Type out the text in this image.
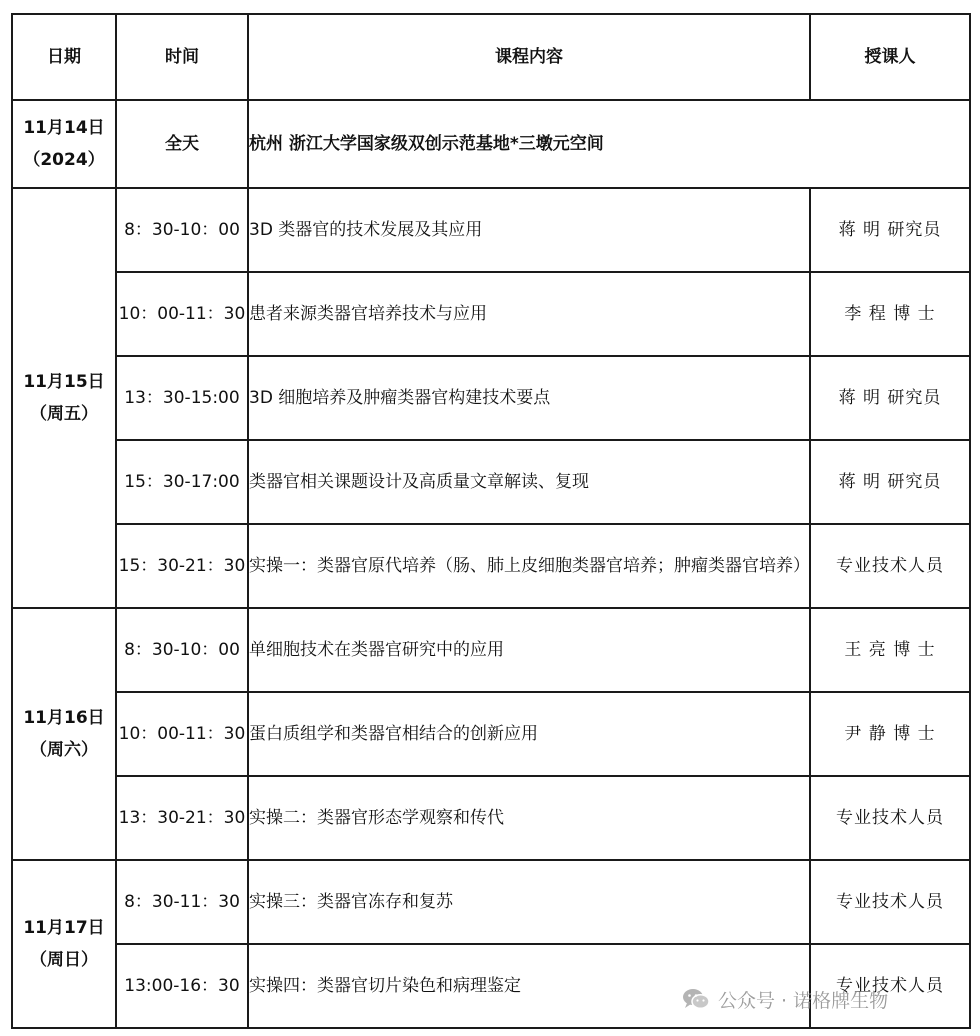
日期	时间	课程内容	授课人

11月14日
（2024）	全天	杭州 浙江大学国家级双创示范基地*三墩元空间	

11月15日
（周五）	8：30-10：00	3D 类器官的技术发展及其应用	蒋 明 研究员
	10：00-11：30	患者来源类器官培养技术与应用	李 程 博 士
	13：30-15:00	3D 细胞培养及肿瘤类器官构建技术要点	蒋 明 研究员
	15：30-17:00	类器官相关课题设计及高质量文章解读、复现	蒋 明 研究员
	15：30-21：30	实操一：类器官原代培养（肠、肺上皮细胞类器官培养；肿瘤类器官培养）	专业技术人员

11月16日
（周六）	8：30-10：00	单细胞技术在类器官研究中的应用	王 亮 博 士
	10：00-11：30	蛋白质组学和类器官相结合的创新应用	尹 静 博 士
	13：30-21：30	实操二：类器官形态学观察和传代	专业技术人员

11月17日
（周日）	8：30-11：30	实操三：类器官冻存和复苏	专业技术人员
	13:00-16：30	实操四：类器官切片染色和病理鉴定	专业技术人员
公众号 · 诺格牌生物
